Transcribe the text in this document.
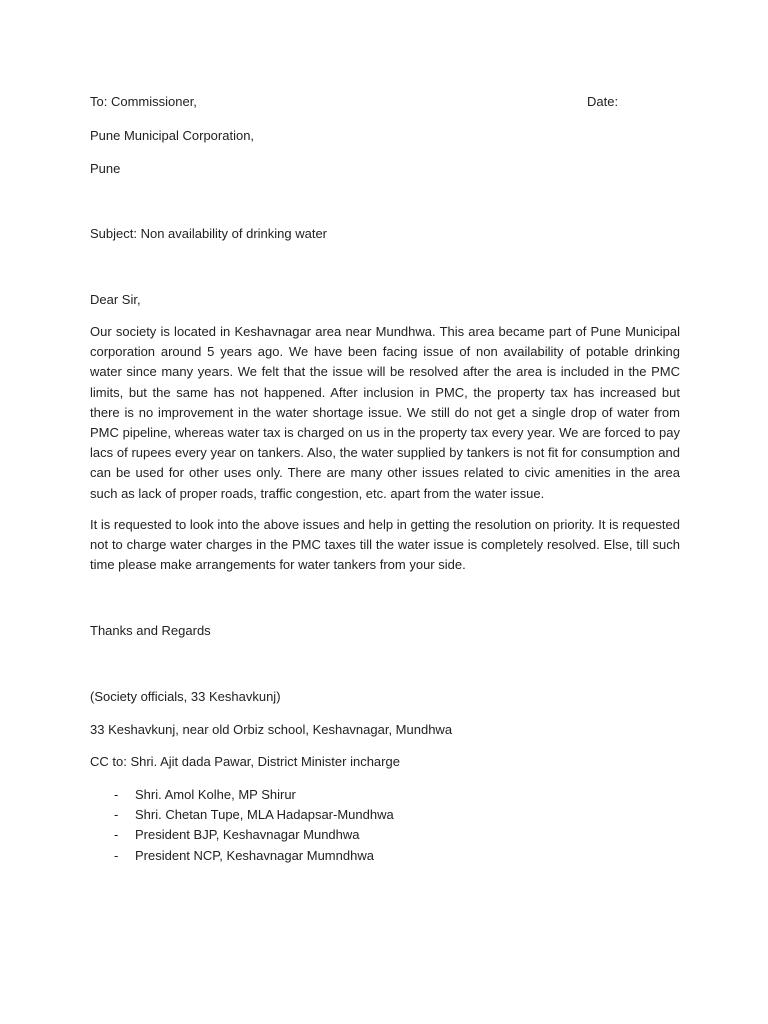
To: Commissioner,	Date:
Pune Municipal Corporation,
Pune
Subject: Non availability of drinking water
Dear Sir,
Our society is located in Keshavnagar area near Mundhwa. This area became part of Pune Municipal corporation around 5 years ago. We have been facing issue of non availability of potable drinking water since many years. We felt that the issue will be resolved after the area is included in the PMC limits, but the same has not happened. After inclusion in PMC, the property tax has increased but there is no improvement in the water shortage issue. We still do not get a single drop of water from PMC pipeline, whereas water tax is charged on us in the property tax every year. We are forced to pay lacs of rupees every year on tankers. Also, the water supplied by tankers is not fit for consumption and can be used for other uses only. There are many other issues related to civic amenities in the area such as lack of proper roads, traffic congestion, etc. apart from the water issue.
It is requested to look into the above issues and help in getting the resolution on priority. It is requested not to charge water charges in the PMC taxes till the water issue is completely resolved. Else, till such time please make arrangements for water tankers from your side.
Thanks and Regards
(Society officials, 33 Keshavkunj)
33 Keshavkunj, near old Orbiz school, Keshavnagar, Mundhwa
CC to: Shri. Ajit dada Pawar, District Minister incharge
- Shri. Amol Kolhe, MP Shirur
- Shri. Chetan Tupe, MLA Hadapsar-Mundhwa
- President BJP, Keshavnagar Mundhwa
- President NCP, Keshavnagar Mumndhwa
